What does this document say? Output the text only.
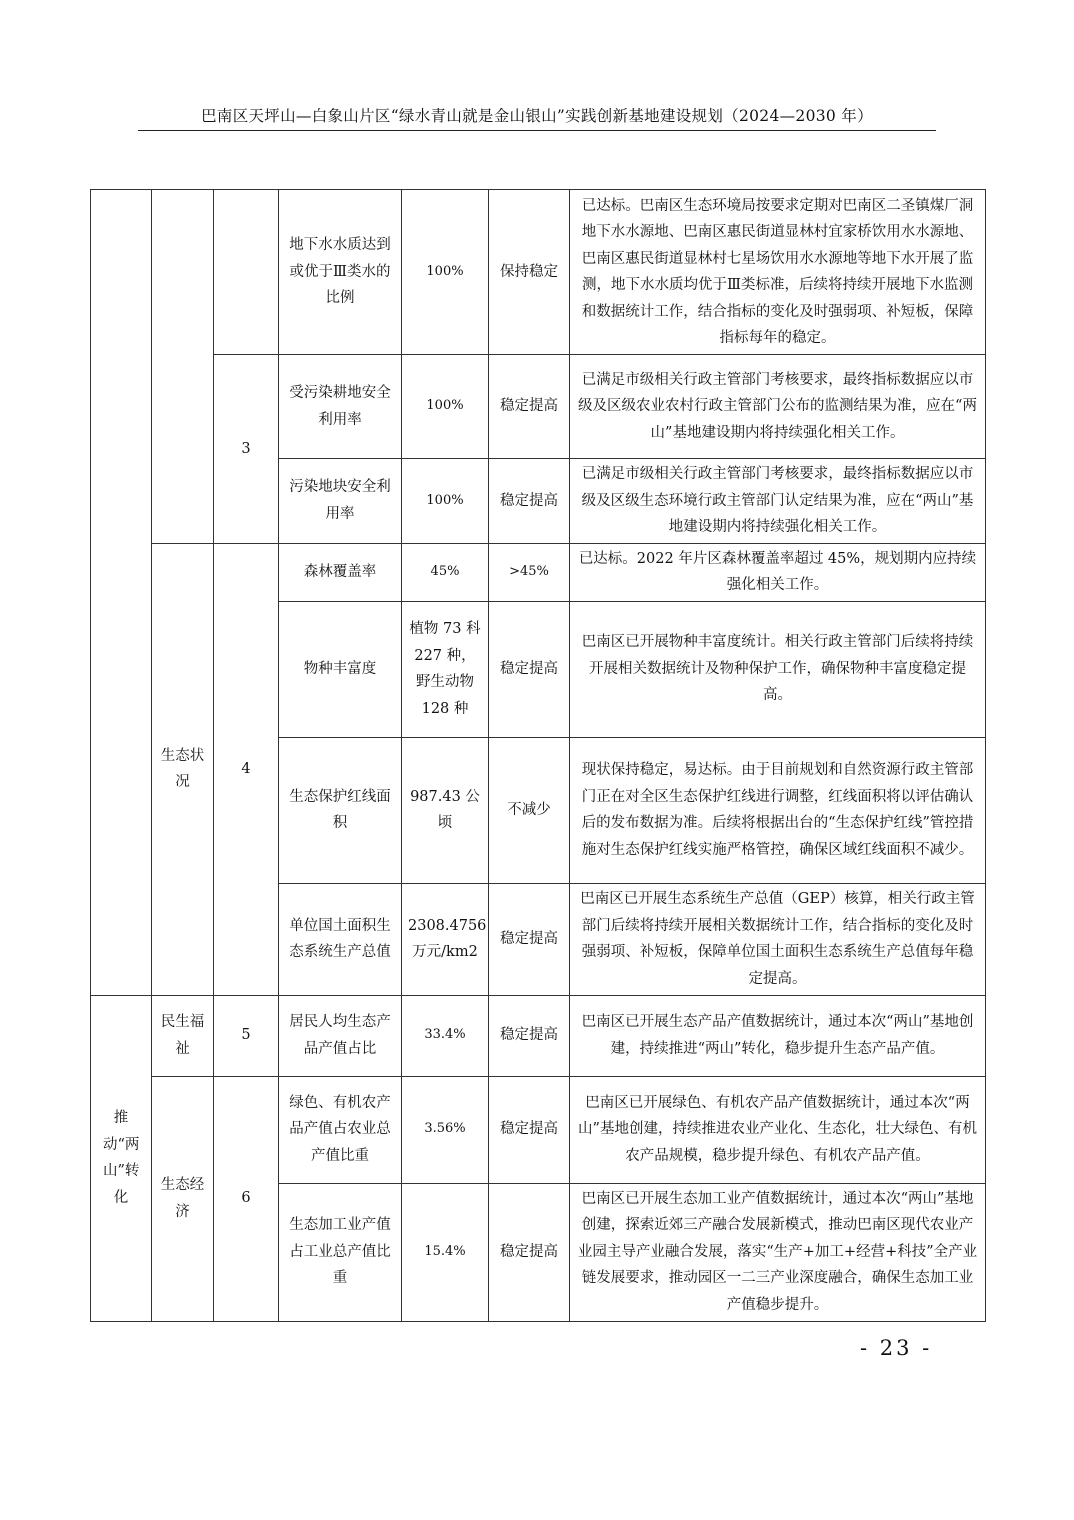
巴南区天坪山—白象山片区“绿水青山就是金山银山”实践创新基地建设规划（2024—2030 年）
			地下水水质达到或优于Ⅲ类水的比例	100%	保持稳定	已达标。巴南区生态环境局按要求定期对巴南区二圣镇煤厂洞地下水水源地、巴南区惠民街道显林村宜家桥饮用水水源地、巴南区惠民街道显林村七星场饮用水水源地等地下水开展了监测，地下水水质均优于Ⅲ类标准，后续将持续开展地下水监测和数据统计工作，结合指标的变化及时强弱项、补短板，保障指标每年的稳定。
		3	受污染耕地安全利用率	100%	稳定提高	已满足市级相关行政主管部门考核要求，最终指标数据应以市级及区级农业农村行政主管部门公布的监测结果为准，应在“两山”基地建设期内将持续强化相关工作。
			污染地块安全利用率	100%	稳定提高	已满足市级相关行政主管部门考核要求，最终指标数据应以市级及区级生态环境行政主管部门认定结果为准，应在“两山”基地建设期内将持续强化相关工作。
	生态状况	4	森林覆盖率	45%	>45%	已达标。2022 年片区森林覆盖率超过 45%，规划期内应持续强化相关工作。
			物种丰富度	植物 73 科 227 种，野生动物 128 种	稳定提高	巴南区已开展物种丰富度统计。相关行政主管部门后续将持续开展相关数据统计及物种保护工作，确保物种丰富度稳定提高。
			生态保护红线面积	987.43 公顷	不减少	现状保持稳定，易达标。由于目前规划和自然资源行政主管部门正在对全区生态保护红线进行调整，红线面积将以评估确认后的发布数据为准。后续将根据出台的“生态保护红线”管控措施对生态保护红线实施严格管控，确保区域红线面积不减少。
			单位国土面积生态系统生产总值	2308.4756 万元/km2	稳定提高	巴南区已开展生态系统生产总值（GEP）核算，相关行政主管部门后续将持续开展相关数据统计工作，结合指标的变化及时强弱项、补短板，保障单位国土面积生态系统生产总值每年稳定提高。
推动“两山”转化	民生福祉	5	居民人均生态产品产值占比	33.4%	稳定提高	巴南区已开展生态产品产值数据统计，通过本次“两山”基地创建，持续推进“两山”转化，稳步提升生态产品产值。
	生态经济	6	绿色、有机农产品产值占农业总产值比重	3.56%	稳定提高	巴南区已开展绿色、有机农产品产值数据统计，通过本次“两山”基地创建，持续推进农业产业化、生态化，壮大绿色、有机农产品规模，稳步提升绿色、有机农产品产值。
			生态加工业产值占工业总产值比重	15.4%	稳定提高	巴南区已开展生态加工业产值数据统计，通过本次“两山”基地创建，探索近郊三产融合发展新模式，推动巴南区现代农业产业园主导产业融合发展，落实“生产+加工+经营+科技”全产业链发展要求，推动园区一二三产业深度融合，确保生态加工业产值稳步提升。
- 23 -
